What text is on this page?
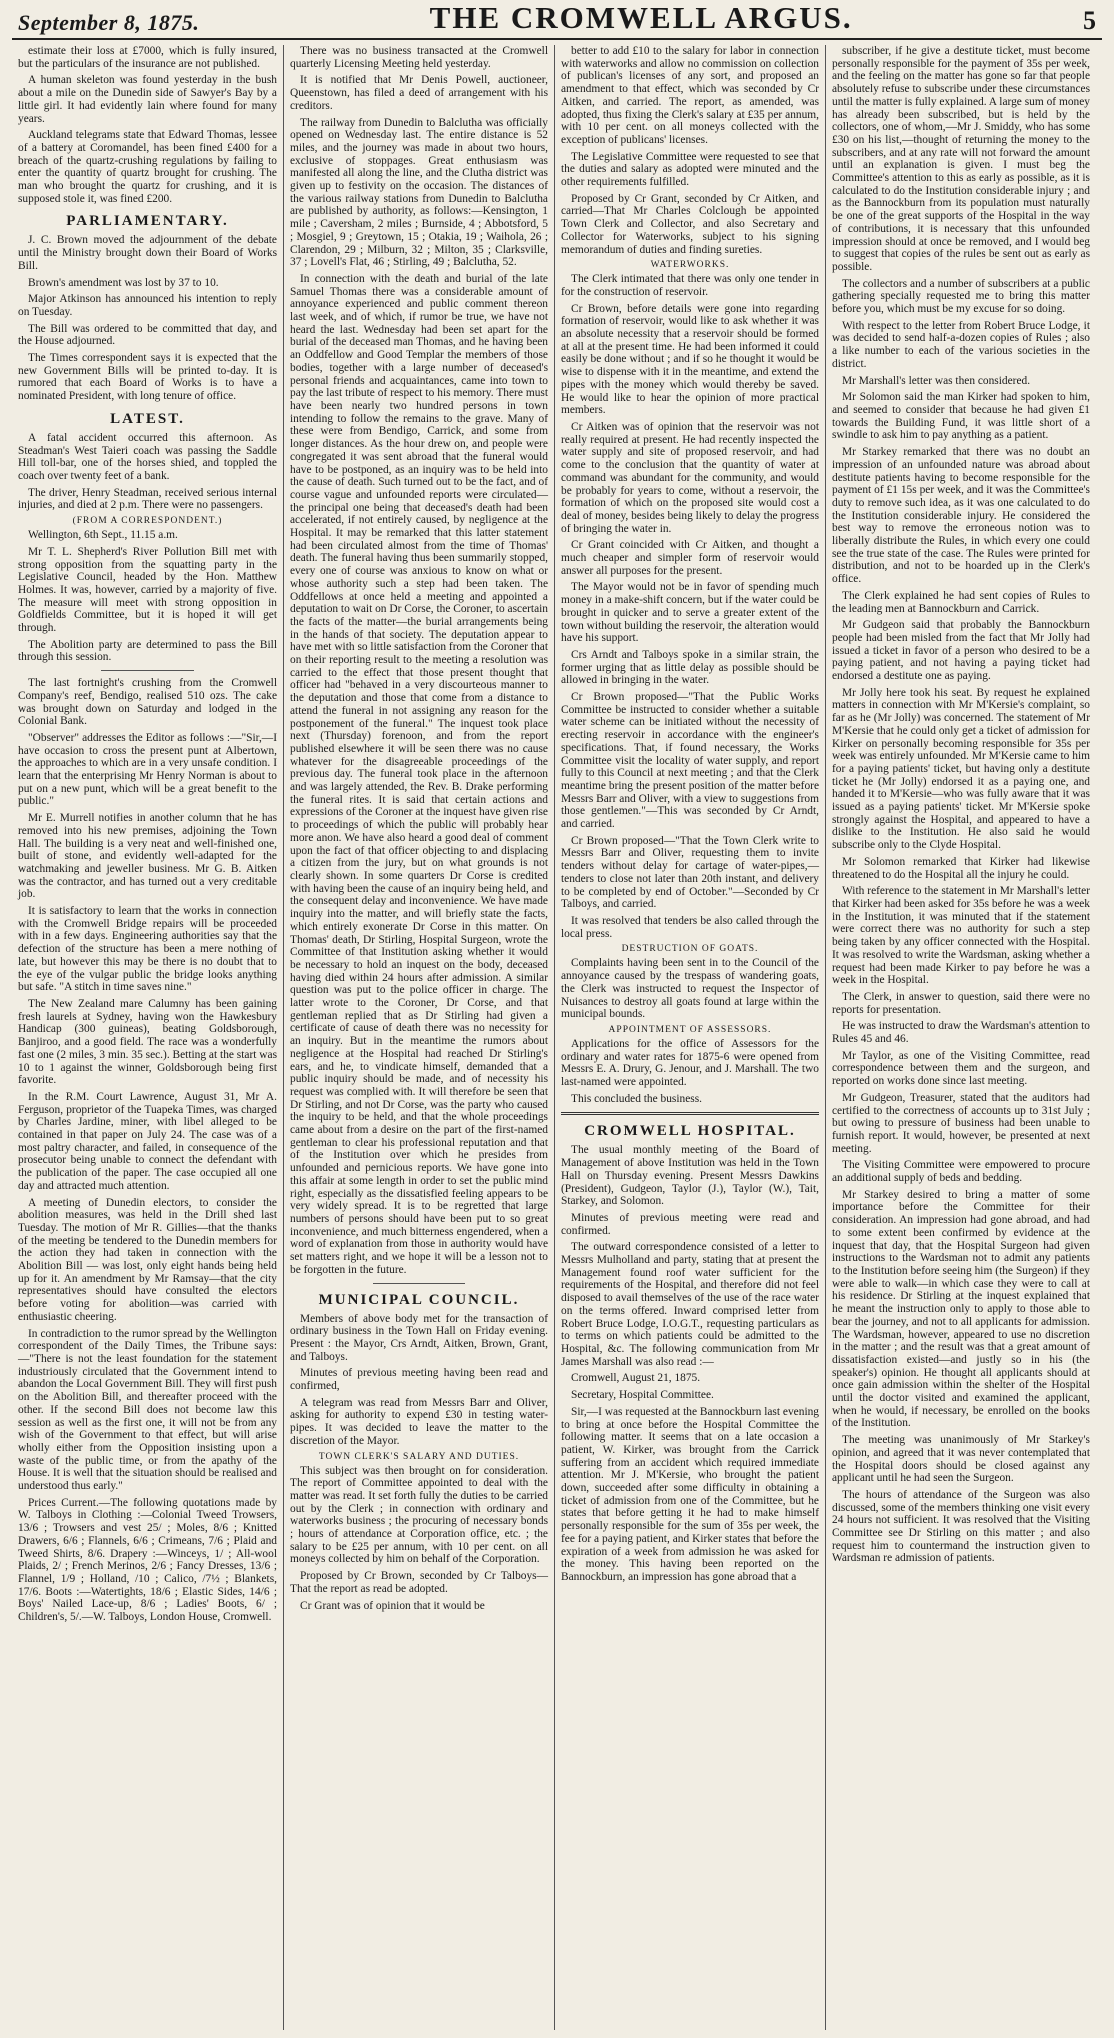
September 8, 1875.	THE CROMWELL ARGUS.	5

estimate their loss at £7000, which is fully insured, but the particulars of the insurance are not published.

A human skeleton was found yesterday in the bush about a mile on the Dunedin side of Sawyer's Bay by a little girl. It had evidently lain where found for many years.

Auckland telegrams state that Edward Thomas, lessee of a battery at Coromandel, has been fined £400 for a breach of the quartz-crushing regulations by failing to enter the quantity of quartz brought for crushing. The man who brought the quartz for crushing, and it is supposed stole it, was fined £200.

PARLIAMENTARY.

J. C. Brown moved the adjournment of the debate until the Ministry brought down their Board of Works Bill.

Brown's amendment was lost by 37 to 10.

Major Atkinson has announced his intention to reply on Tuesday.

The Bill was ordered to be committed that day, and the House adjourned.

The Times correspondent says it is expected that the new Government Bills will be printed to-day. It is rumored that each Board of Works is to have a nominated President, with long tenure of office.

LATEST.

A fatal accident occurred this afternoon. As Steadman's West Taieri coach was passing the Saddle Hill toll-bar, one of the horses shied, and toppled the coach over twenty feet of a bank.

The driver, Henry Steadman, received serious internal injuries, and died at 2 p.m. There were no passengers.

(FROM A CORRESPONDENT.)

Wellington, 6th Sept., 11.15 a.m.

Mr T. L. Shepherd's River Pollution Bill met with strong opposition from the squatting party in the Legislative Council, headed by the Hon. Matthew Holmes. It was, however, carried by a majority of five. The measure will meet with strong opposition in Goldfields Committee, but it is hoped it will get through.

The Abolition party are determined to pass the Bill through this session.

The last fortnight's crushing from the Cromwell Company's reef, Bendigo, realised 510 ozs. The cake was brought down on Saturday and lodged in the Colonial Bank.

"Observer" addresses the Editor as follows :—"Sir,—I have occasion to cross the present punt at Albertown, the approaches to which are in a very unsafe condition. I learn that the enterprising Mr Henry Norman is about to put on a new punt, which will be a great benefit to the public."

Mr E. Murrell notifies in another column that he has removed into his new premises, adjoining the Town Hall. The building is a very neat and well-finished one, built of stone, and evidently well-adapted for the watchmaking and jeweller business. Mr G. B. Aitken was the contractor, and has turned out a very creditable job.

It is satisfactory to learn that the works in connection with the Cromwell Bridge repairs will be proceeded with in a few days. Engineering authorities say that the defection of the structure has been a mere nothing of late, but however this may be there is no doubt that to the eye of the vulgar public the bridge looks anything but safe. "A stitch in time saves nine."

The New Zealand mare Calumny has been gaining fresh laurels at Sydney, having won the Hawkesbury Handicap (300 guineas), beating Goldsborough, Banjiroo, and a good field. The race was a wonderfully fast one (2 miles, 3 min. 35 sec.). Betting at the start was 10 to 1 against the winner, Goldsborough being first favorite.

In the R.M. Court Lawrence, August 31, Mr A. Ferguson, proprietor of the Tuapeka Times, was charged by Charles Jardine, miner, with libel alleged to be contained in that paper on July 24. The case was of a most paltry character, and failed, in consequence of the prosecutor being unable to connect the defendant with the publication of the paper. The case occupied all one day and attracted much attention.

A meeting of Dunedin electors, to consider the abolition measures, was held in the Drill shed last Tuesday. The motion of Mr R. Gillies—that the thanks of the meeting be tendered to the Dunedin members for the action they had taken in connection with the Abolition Bill — was lost, only eight hands being held up for it. An amendment by Mr Ramsay—that the city representatives should have consulted the electors before voting for abolition—was carried with enthusiastic cheering.

In contradiction to the rumor spread by the Wellington correspondent of the Daily Times, the Tribune says:—"There is not the least foundation for the statement industriously circulated that the Government intend to abandon the Local Government Bill. They will first push on the Abolition Bill, and thereafter proceed with the other. If the second Bill does not become law this session as well as the first one, it will not be from any wish of the Government to that effect, but will arise wholly either from the Opposition insisting upon a waste of the public time, or from the apathy of the House. It is well that the situation should be realised and understood thus early."

Prices Current.—The following quotations made by W. Talboys in Clothing :—Colonial Tweed Trowsers, 13/6 ; Trowsers and vest 25/ ; Moles, 8/6 ; Knitted Drawers, 6/6 ; Flannels, 6/6 ; Crimeans, 7/6 ; Plaid and Tweed Shirts, 8/6. Drapery :—Winceys, 1/ ; All-wool Plaids, 2/ ; French Merinos, 2/6 ; Fancy Dresses, 13/6 ; Flannel, 1/9 ; Holland, /10 ; Calico, /7½ ; Blankets, 17/6. Boots :—Watertights, 18/6 ; Elastic Sides, 14/6 ; Boys' Nailed Lace-up, 8/6 ; Ladies' Boots, 6/ ; Children's, 5/.—W. Talboys, London House, Cromwell.

There was no business transacted at the Cromwell quarterly Licensing Meeting held yesterday.

It is notified that Mr Denis Powell, auctioneer, Queenstown, has filed a deed of arrangement with his creditors.

The railway from Dunedin to Balclutha was officially opened on Wednesday last. The entire distance is 52 miles, and the journey was made in about two hours, exclusive of stoppages. Great enthusiasm was manifested all along the line, and the Clutha district was given up to festivity on the occasion. The distances of the various railway stations from Dunedin to Balclutha are published by authority, as follows:—Kensington, 1 mile ; Caversham, 2 miles ; Burnside, 4 ; Abbotsford, 5 ; Mosgiel, 9 ; Greytown, 15 ; Otakia, 19 ; Waihola, 26 ; Clarendon, 29 ; Milburn, 32 ; Milton, 35 ; Clarksville, 37 ; Lovell's Flat, 46 ; Stirling, 49 ; Balclutha, 52.

In connection with the death and burial of the late Samuel Thomas there was a considerable amount of annoyance experienced and public comment thereon last week, and of which, if rumor be true, we have not heard the last. Wednesday had been set apart for the burial of the deceased man Thomas, and he having been an Oddfellow and Good Templar the members of those bodies, together with a large number of deceased's personal friends and acquaintances, came into town to pay the last tribute of respect to his memory. There must have been nearly two hundred persons in town intending to follow the remains to the grave. Many of these were from Bendigo, Carrick, and some from longer distances. As the hour drew on, and people were congregated it was sent abroad that the funeral would have to be postponed, as an inquiry was to be held into the cause of death. Such turned out to be the fact, and of course vague and unfounded reports were circulated—the principal one being that deceased's death had been accelerated, if not entirely caused, by negligence at the Hospital. It may be remarked that this latter statement had been circulated almost from the time of Thomas' death. The funeral having thus been summarily stopped, every one of course was anxious to know on what or whose authority such a step had been taken. The Oddfellows at once held a meeting and appointed a deputation to wait on Dr Corse, the Coroner, to ascertain the facts of the matter—the burial arrangements being in the hands of that society. The deputation appear to have met with so little satisfaction from the Coroner that on their reporting result to the meeting a resolution was carried to the effect that those present thought that officer had "behaved in a very discourteous manner to the deputation and those that come from a distance to attend the funeral in not assigning any reason for the postponement of the funeral." The inquest took place next (Thursday) forenoon, and from the report published elsewhere it will be seen there was no cause whatever for the disagreeable proceedings of the previous day. The funeral took place in the afternoon and was largely attended, the Rev. B. Drake performing the funeral rites. It is said that certain actions and expressions of the Coroner at the inquest have given rise to proceedings of which the public will probably hear more anon. We have also heard a good deal of comment upon the fact of that officer objecting to and displacing a citizen from the jury, but on what grounds is not clearly shown. In some quarters Dr Corse is credited with having been the cause of an inquiry being held, and the consequent delay and inconvenience. We have made inquiry into the matter, and will briefly state the facts, which entirely exonerate Dr Corse in this matter. On Thomas' death, Dr Stirling, Hospital Surgeon, wrote the Committee of that Institution asking whether it would be necessary to hold an inquest on the body, deceased having died within 24 hours after admission. A similar question was put to the police officer in charge. The latter wrote to the Coroner, Dr Corse, and that gentleman replied that as Dr Stirling had given a certificate of cause of death there was no necessity for an inquiry. But in the meantime the rumors about negligence at the Hospital had reached Dr Stirling's ears, and he, to vindicate himself, demanded that a public inquiry should be made, and of necessity his request was complied with. It will therefore be seen that Dr Stirling, and not Dr Corse, was the party who caused the inquiry to be held, and that the whole proceedings came about from a desire on the part of the first-named gentleman to clear his professional reputation and that of the Institution over which he presides from unfounded and pernicious reports. We have gone into this affair at some length in order to set the public mind right, especially as the dissatisfied feeling appears to be very widely spread. It is to be regretted that large numbers of persons should have been put to so great inconvenience, and much bitterness engendered, when a word of explanation from those in authority would have set matters right, and we hope it will be a lesson not to be forgotten in the future.

MUNICIPAL COUNCIL.

Members of above body met for the transaction of ordinary business in the Town Hall on Friday evening. Present : the Mayor, Crs Arndt, Aitken, Brown, Grant, and Talboys.

Minutes of previous meeting having been read and confirmed,

A telegram was read from Messrs Barr and Oliver, asking for authority to expend £30 in testing water-pipes. It was decided to leave the matter to the discretion of the Mayor.

TOWN CLERK'S SALARY AND DUTIES.

This subject was then brought on for consideration. The report of Committee appointed to deal with the matter was read. It set forth fully the duties to be carried out by the Clerk ; in connection with ordinary and waterworks business ; the procuring of necessary bonds ; hours of attendance at Corporation office, etc. ; the salary to be £25 per annum, with 10 per cent. on all moneys collected by him on behalf of the Corporation.

Proposed by Cr Brown, seconded by Cr Talboys—That the report as read be adopted.

Cr Grant was of opinion that it would be

better to add £10 to the salary for labor in connection with waterworks and allow no commission on collection of publican's licenses of any sort, and proposed an amendment to that effect, which was seconded by Cr Aitken, and carried. The report, as amended, was adopted, thus fixing the Clerk's salary at £35 per annum, with 10 per cent. on all moneys collected with the exception of publicans' licenses.

The Legislative Committee were requested to see that the duties and salary as adopted were minuted and the other requirements fulfilled.

Proposed by Cr Grant, seconded by Cr Aitken, and carried—That Mr Charles Colclough be appointed Town Clerk and Collector, and also Secretary and Collector for Waterworks, subject to his signing memorandum of duties and finding sureties.

WATERWORKS.

The Clerk intimated that there was only one tender in for the construction of reservoir.

Cr Brown, before details were gone into regarding formation of reservoir, would like to ask whether it was an absolute necessity that a reservoir should be formed at all at the present time. He had been informed it could easily be done without ; and if so he thought it would be wise to dispense with it in the meantime, and extend the pipes with the money which would thereby be saved. He would like to hear the opinion of more practical members.

Cr Aitken was of opinion that the reservoir was not really required at present. He had recently inspected the water supply and site of proposed reservoir, and had come to the conclusion that the quantity of water at command was abundant for the community, and would be probably for years to come, without a reservoir, the formation of which on the proposed site would cost a deal of money, besides being likely to delay the progress of bringing the water in.

Cr Grant coincided with Cr Aitken, and thought a much cheaper and simpler form of reservoir would answer all purposes for the present.

The Mayor would not be in favor of spending much money in a make-shift concern, but if the water could be brought in quicker and to serve a greater extent of the town without building the reservoir, the alteration would have his support.

Crs Arndt and Talboys spoke in a similar strain, the former urging that as little delay as possible should be allowed in bringing in the water.

Cr Brown proposed—"That the Public Works Committee be instructed to consider whether a suitable water scheme can be initiated without the necessity of erecting reservoir in accordance with the engineer's specifications. That, if found necessary, the Works Committee visit the locality of water supply, and report fully to this Council at next meeting ; and that the Clerk meantime bring the present position of the matter before Messrs Barr and Oliver, with a view to suggestions from those gentlemen."—This was seconded by Cr Arndt, and carried.

Cr Brown proposed—"That the Town Clerk write to Messrs Barr and Oliver, requesting them to invite tenders without delay for cartage of water-pipes,—tenders to close not later than 20th instant, and delivery to be completed by end of October."—Seconded by Cr Talboys, and carried.

It was resolved that tenders be also called through the local press.

DESTRUCTION OF GOATS.

Complaints having been sent in to the Council of the annoyance caused by the trespass of wandering goats, the Clerk was instructed to request the Inspector of Nuisances to destroy all goats found at large within the municipal bounds.

APPOINTMENT OF ASSESSORS.

Applications for the office of Assessors for the ordinary and water rates for 1875-6 were opened from Messrs E. A. Drury, G. Jenour, and J. Marshall. The two last-named were appointed.

This concluded the business.

CROMWELL HOSPITAL.

The usual monthly meeting of the Board of Management of above Institution was held in the Town Hall on Thursday evening. Present Messrs Dawkins (President), Gudgeon, Taylor (J.), Taylor (W.), Tait, Starkey, and Solomon.

Minutes of previous meeting were read and confirmed.

The outward correspondence consisted of a letter to Messrs Mulholland and party, stating that at present the Management found roof water sufficient for the requirements of the Hospital, and therefore did not feel disposed to avail themselves of the use of the race water on the terms offered. Inward comprised letter from Robert Bruce Lodge, I.O.G.T., requesting particulars as to terms on which patients could be admitted to the Hospital, &c. The following communication from Mr James Marshall was also read :—

Cromwell, August 21, 1875.

Secretary, Hospital Committee.

Sir,—I was requested at the Bannockburn last evening to bring at once before the Hospital Committee the following matter. It seems that on a late occasion a patient, W. Kirker, was brought from the Carrick suffering from an accident which required immediate attention. Mr J. M'Kersie, who brought the patient down, succeeded after some difficulty in obtaining a ticket of admission from one of the Committee, but he states that before getting it he had to make himself personally responsible for the sum of 35s per week, the fee for a paying patient, and Kirker states that before the expiration of a week from admission he was asked for the money. This having been reported on the Bannockburn, an impression has gone abroad that a

subscriber, if he give a destitute ticket, must become personally responsible for the payment of 35s per week, and the feeling on the matter has gone so far that people absolutely refuse to subscribe under these circumstances until the matter is fully explained. A large sum of money has already been subscribed, but is held by the collectors, one of whom,—Mr J. Smiddy, who has some £30 on his list,—thought of returning the money to the subscribers, and at any rate will not forward the amount until an explanation is given. I must beg the Committee's attention to this as early as possible, as it is calculated to do the Institution considerable injury ; and as the Bannockburn from its population must naturally be one of the great supports of the Hospital in the way of contributions, it is necessary that this unfounded impression should at once be removed, and I would beg to suggest that copies of the rules be sent out as early as possible.

The collectors and a number of subscribers at a public gathering specially requested me to bring this matter before you, which must be my excuse for so doing.

With respect to the letter from Robert Bruce Lodge, it was decided to send half-a-dozen copies of Rules ; also a like number to each of the various societies in the district.

Mr Marshall's letter was then considered.

Mr Solomon said the man Kirker had spoken to him, and seemed to consider that because he had given £1 towards the Building Fund, it was little short of a swindle to ask him to pay anything as a patient.

Mr Starkey remarked that there was no doubt an impression of an unfounded nature was abroad about destitute patients having to become responsible for the payment of £1 15s per week, and it was the Committee's duty to remove such idea, as it was one calculated to do the Institution considerable injury. He considered the best way to remove the erroneous notion was to liberally distribute the Rules, in which every one could see the true state of the case. The Rules were printed for distribution, and not to be hoarded up in the Clerk's office.

The Clerk explained he had sent copies of Rules to the leading men at Bannockburn and Carrick.

Mr Gudgeon said that probably the Bannockburn people had been misled from the fact that Mr Jolly had issued a ticket in favor of a person who desired to be a paying patient, and not having a paying ticket had endorsed a destitute one as paying.

Mr Jolly here took his seat. By request he explained matters in connection with Mr M'Kersie's complaint, so far as he (Mr Jolly) was concerned. The statement of Mr M'Kersie that he could only get a ticket of admission for Kirker on personally becoming responsible for 35s per week was entirely unfounded. Mr M'Kersie came to him for a paying patients' ticket, but having only a destitute ticket he (Mr Jolly) endorsed it as a paying one, and handed it to M'Kersie—who was fully aware that it was issued as a paying patients' ticket. Mr M'Kersie spoke strongly against the Hospital, and appeared to have a dislike to the Institution. He also said he would subscribe only to the Clyde Hospital.

Mr Solomon remarked that Kirker had likewise threatened to do the Hospital all the injury he could.

With reference to the statement in Mr Marshall's letter that Kirker had been asked for 35s before he was a week in the Institution, it was minuted that if the statement were correct there was no authority for such a step being taken by any officer connected with the Hospital. It was resolved to write the Wardsman, asking whether a request had been made Kirker to pay before he was a week in the Hospital.

The Clerk, in answer to question, said there were no reports for presentation.

He was instructed to draw the Wardsman's attention to Rules 45 and 46.

Mr Taylor, as one of the Visiting Committee, read correspondence between them and the surgeon, and reported on works done since last meeting.

Mr Gudgeon, Treasurer, stated that the auditors had certified to the correctness of accounts up to 31st July ; but owing to pressure of business had been unable to furnish report. It would, however, be presented at next meeting.

The Visiting Committee were empowered to procure an additional supply of beds and bedding.

Mr Starkey desired to bring a matter of some importance before the Committee for their consideration. An impression had gone abroad, and had to some extent been confirmed by evidence at the inquest that day, that the Hospital Surgeon had given instructions to the Wardsman not to admit any patients to the Institution before seeing him (the Surgeon) if they were able to walk—in which case they were to call at his residence. Dr Stirling at the inquest explained that he meant the instruction only to apply to those able to bear the journey, and not to all applicants for admission. The Wardsman, however, appeared to use no discretion in the matter ; and the result was that a great amount of dissatisfaction existed—and justly so in his (the speaker's) opinion. He thought all applicants should at once gain admission within the shelter of the Hospital until the doctor visited and examined the applicant, when he would, if necessary, be enrolled on the books of the Institution.

The meeting was unanimously of Mr Starkey's opinion, and agreed that it was never contemplated that the Hospital doors should be closed against any applicant until he had seen the Surgeon.

The hours of attendance of the Surgeon was also discussed, some of the members thinking one visit every 24 hours not sufficient. It was resolved that the Visiting Committee see Dr Stirling on this matter ; and also request him to countermand the instruction given to Wardsman re admission of patients.
